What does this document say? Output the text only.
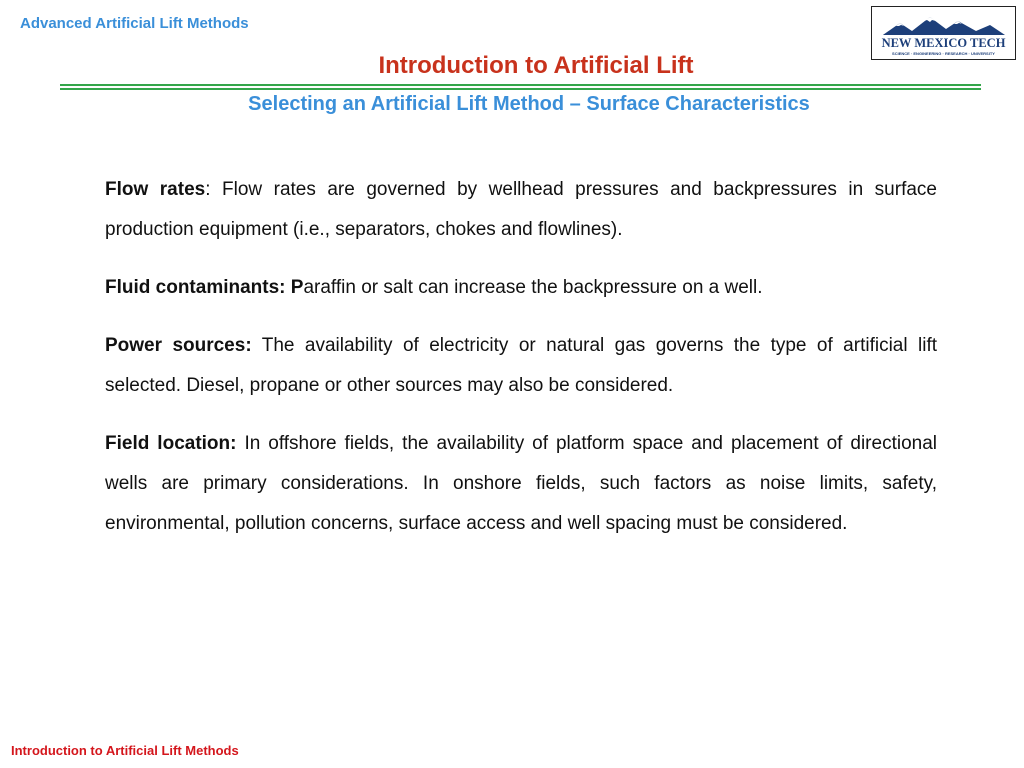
Advanced Artificial Lift Methods
NEW MEXICO TECH
SCIENCE · ENGINEERING · RESEARCH · UNIVERSITY
Introduction to Artificial Lift
Selecting an Artificial Lift Method – Surface Characteristics

Flow rates: Flow rates are governed by wellhead pressures and backpressures in surface production equipment (i.e., separators, chokes and flowlines).

Fluid contaminants: Paraffin or salt can increase the backpressure on a well.

Power sources: The availability of electricity or natural gas governs the type of artificial lift selected. Diesel, propane or other sources may also be considered.

Field location: In offshore fields, the availability of platform space and placement of directional wells are primary considerations. In onshore fields, such factors as noise limits, safety, environmental, pollution concerns, surface access and well spacing must be considered.

Introduction to Artificial Lift Methods
